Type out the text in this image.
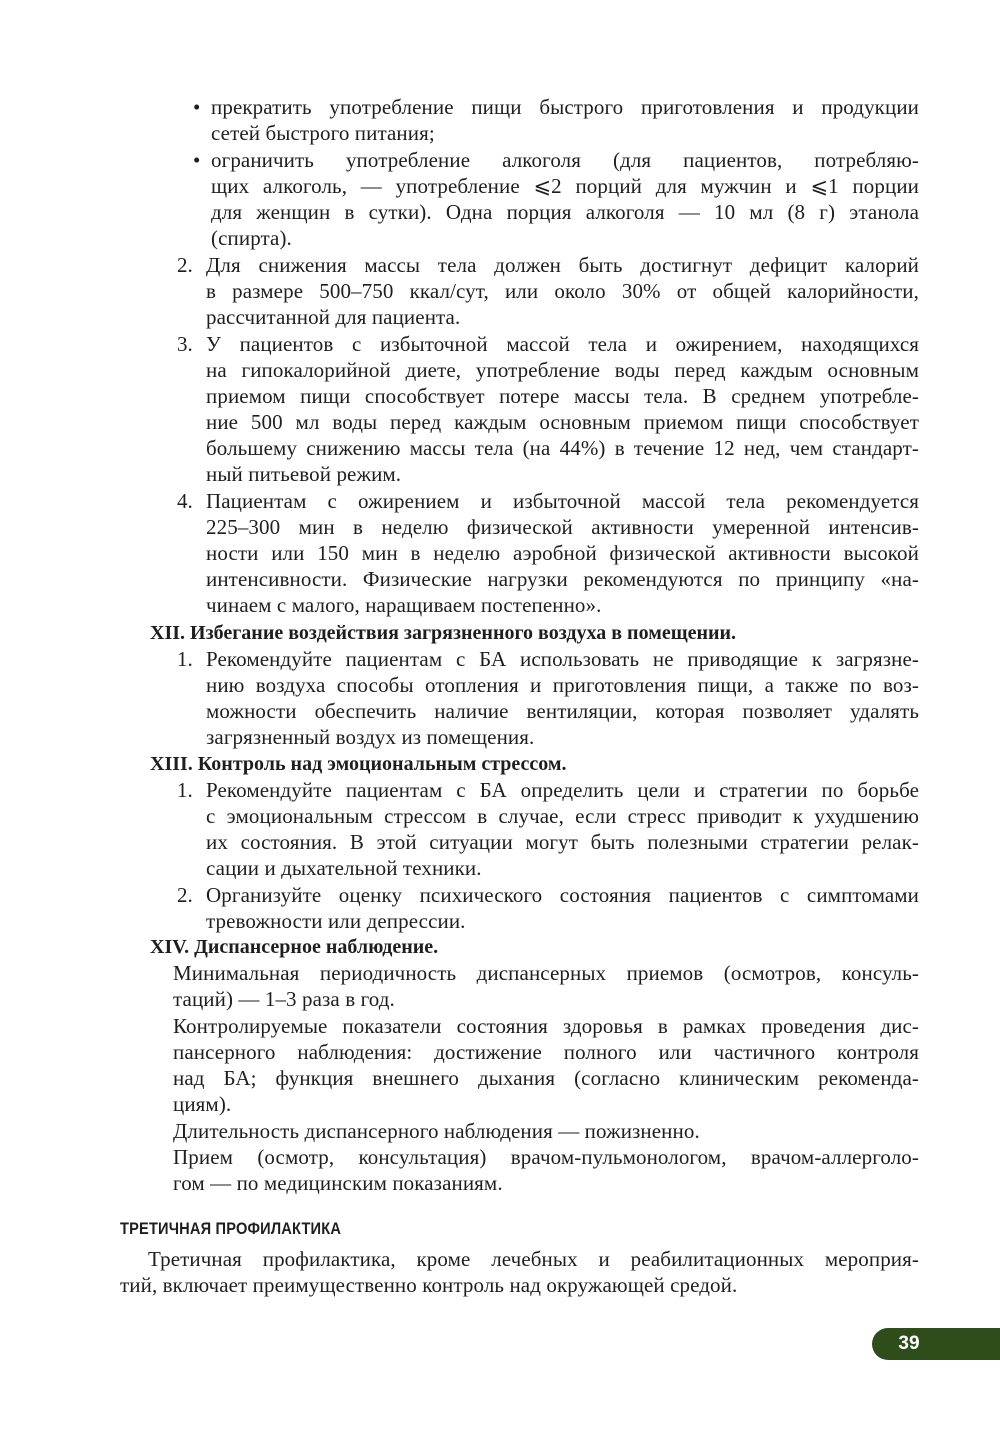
• прекратить употребление пищи быстрого приготовления и продукции
сетей быстрого питания;
• ограничить употребление алкоголя (для пациентов, потребляю-
щих алкоголь, — употребление ⩽2 порций для мужчин и ⩽1 порции
для женщин в сутки). Одна порция алкоголя — 10 мл (8 г) этанола
(спирта).
2. Для снижения массы тела должен быть достигнут дефицит калорий
в размере 500–750 ккал/сут, или около 30% от общей калорийности,
рассчитанной для пациента.
3. У пациентов с избыточной массой тела и ожирением, находящихся
на гипокалорийной диете, употребление воды перед каждым основным
приемом пищи способствует потере массы тела. В среднем употребле-
ние 500 мл воды перед каждым основным приемом пищи способствует
большему снижению массы тела (на 44%) в течение 12 нед, чем стандарт-
ный питьевой режим.
4. Пациентам с ожирением и избыточной массой тела рекомендуется
225–300 мин в неделю физической активности умеренной интенсив-
ности или 150 мин в неделю аэробной физической активности высокой
интенсивности. Физические нагрузки рекомендуются по принципу «на-
чинаем с малого, наращиваем постепенно».
XII. Избегание воздействия загрязненного воздуха в помещении.
1. Рекомендуйте пациентам с БА использовать не приводящие к загрязне-
нию воздуха способы отопления и приготовления пищи, а также по воз-
можности обеспечить наличие вентиляции, которая позволяет удалять
загрязненный воздух из помещения.
XIII. Контроль над эмоциональным стрессом.
1. Рекомендуйте пациентам с БА определить цели и стратегии по борьбе
с эмоциональным стрессом в случае, если стресс приводит к ухудшению
их состояния. В этой ситуации могут быть полезными стратегии релак-
сации и дыхательной техники.
2. Организуйте оценку психического состояния пациентов с симптомами
тревожности или депрессии.
XIV. Диспансерное наблюдение.
Минимальная периодичность диспансерных приемов (осмотров, консуль-
таций) — 1–3 раза в год.
Контролируемые показатели состояния здоровья в рамках проведения дис-
пансерного наблюдения: достижение полного или частичного контроля
над БА; функция внешнего дыхания (согласно клиническим рекоменда-
циям).
Длительность диспансерного наблюдения — пожизненно.
Прием (осмотр, консультация) врачом-пульмонологом, врачом-аллерголо-
гом — по медицинским показаниям.
ТРЕТИЧНАЯ ПРОФИЛАКТИКА
Третичная профилактика, кроме лечебных и реабилитационных мероприя-
тий, включает преимущественно контроль над окружающей средой.
39
